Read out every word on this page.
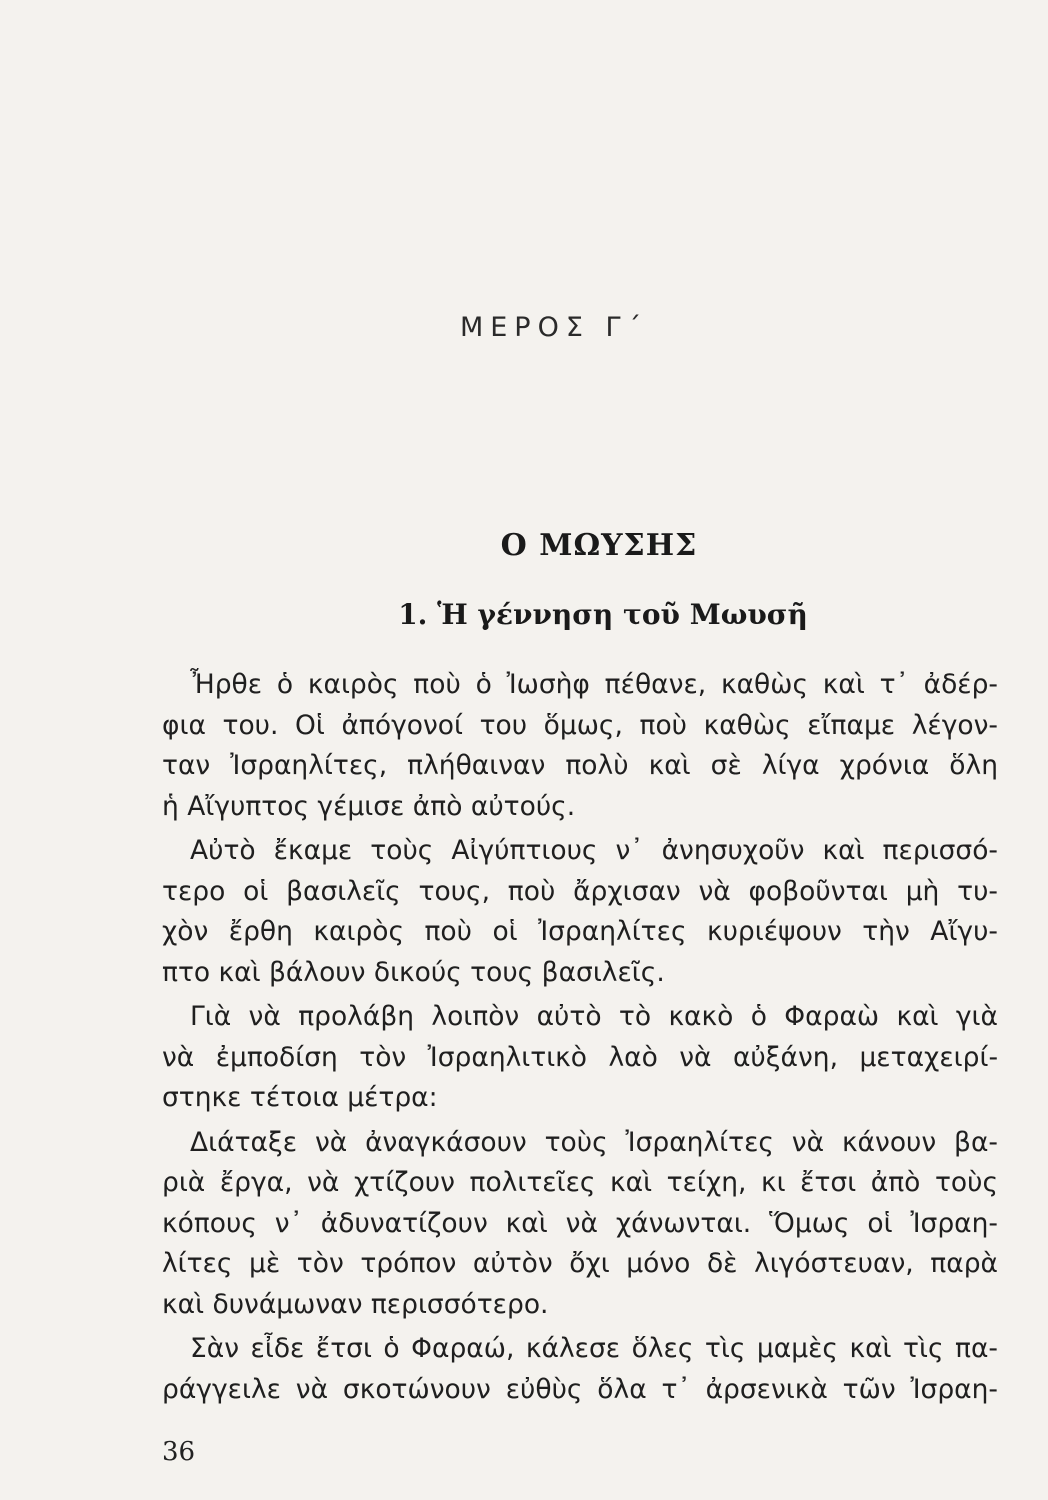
ΜΕΡΟΣ Γ΄
Ο ΜΩΥΣΗΣ
1. Ἡ γέννηση τοῦ Μωυσῆ
Ἦρθε ὁ καιρὸς ποὺ ὁ Ἰωσὴφ πέθανε, καθὼς καὶ τ᾽ ἀδέρ-
φια του. Οἱ ἀπόγονοί του ὅμως, ποὺ καθὼς εἴπαμε λέγον-
ταν Ἰσραηλίτες, πλήθαιναν πολὺ καὶ σὲ λίγα χρόνια ὅλη
ἡ Αἴγυπτος γέμισε ἀπὸ αὐτούς.
Αὐτὸ ἔκαμε τοὺς Αἰγύπτιους ν᾽ ἀνησυχοῦν καὶ περισσό-
τερο οἱ βασιλεῖς τους, ποὺ ἄρχισαν νὰ φοβοῦνται μὴ τυ-
χὸν ἔρθη καιρὸς ποὺ οἱ Ἰσραηλίτες κυριέψουν τὴν Αἴγυ-
πτο καὶ βάλουν δικούς τους βασιλεῖς.
Γιὰ νὰ προλάβη λοιπὸν αὐτὸ τὸ κακὸ ὁ Φαραὼ καὶ γιὰ
νὰ ἐμποδίση τὸν Ἰσραηλιτικὸ λαὸ νὰ αὐξάνη, μεταχειρί-
στηκε τέτοια μέτρα:
Διάταξε νὰ ἀναγκάσουν τοὺς Ἰσραηλίτες νὰ κάνουν βα-
ριὰ ἔργα, νὰ χτίζουν πολιτεῖες καὶ τείχη, κι ἔτσι ἀπὸ τοὺς
κόπους ν᾽ ἀδυνατίζουν καὶ νὰ χάνωνται. Ὅμως οἱ Ἰσραη-
λίτες μὲ τὸν τρόπον αὐτὸν ὄχι μόνο δὲ λιγόστευαν, παρὰ
καὶ δυνάμωναν περισσότερο.
Σὰν εἶδε ἔτσι ὁ Φαραώ, κάλεσε ὅλες τὶς μαμὲς καὶ τὶς πα-
ράγγειλε νὰ σκοτώνουν εὐθὺς ὅλα τ᾽ ἀρσενικὰ τῶν Ἰσραη-
36
